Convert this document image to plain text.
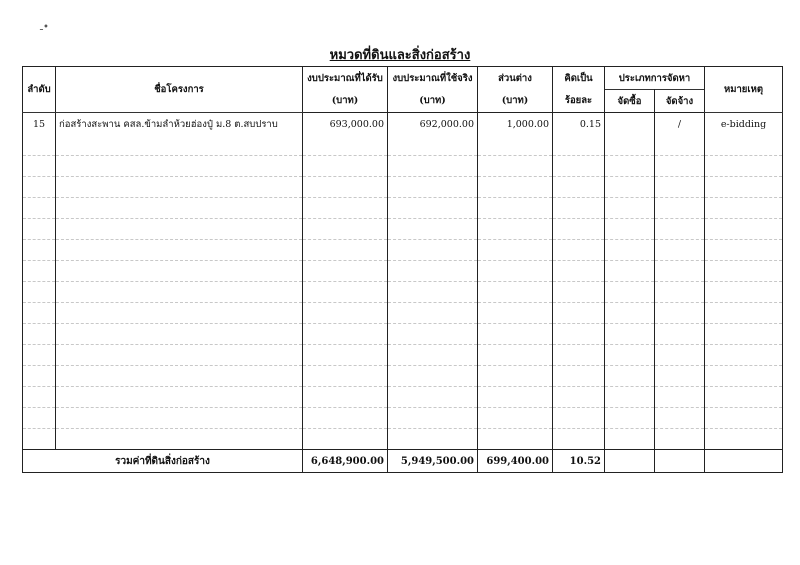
ـ•
หมวดที่ดินและสิ่งก่อสร้าง
ลำดับ	ชื่อโครงการ	งบประมาณที่ได้รับ	งบประมาณที่ใช้จริง	ส่วนต่าง	คิดเป็น	ประเภทการจัดหา		หมายเหตุ
		(บาท)	(บาท)	(บาท)	ร้อยละ	จัดซื้อ	จัดจ้าง	
15	ก่อสร้างสะพาน คสล.ข้ามลำห้วยฮ่องปู๋ ม.8 ต.สบปราบ	693,000.00	692,000.00	1,000.00	0.15		/	e-bidding

รวมค่าที่ดินสิ่งก่อสร้าง		6,648,900.00	5,949,500.00	699,400.00	10.52			
